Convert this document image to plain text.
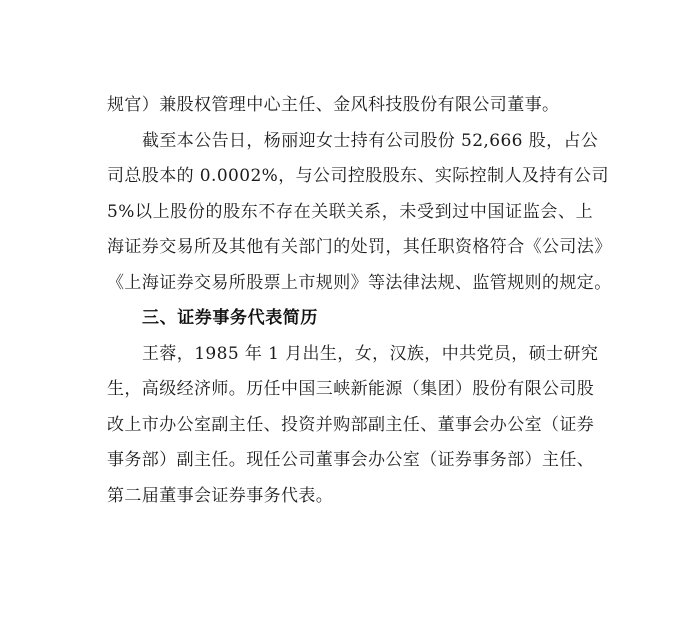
规官）兼股权管理中心主任、金风科技股份有限公司董事。
截至本公告日，杨丽迎女士持有公司股份 52,666 股，占公
司总股本的 0.0002%，与公司控股股东、实际控制人及持有公司
5%以上股份的股东不存在关联关系，未受到过中国证监会、上
海证券交易所及其他有关部门的处罚，其任职资格符合《公司法》
《上海证券交易所股票上市规则》等法律法规、监管规则的规定。
三、证券事务代表简历
王蓉，1985 年 1 月出生，女，汉族，中共党员，硕士研究
生，高级经济师。历任中国三峡新能源（集团）股份有限公司股
改上市办公室副主任、投资并购部副主任、董事会办公室（证券
事务部）副主任。现任公司董事会办公室（证券事务部）主任、
第二届董事会证券事务代表。
